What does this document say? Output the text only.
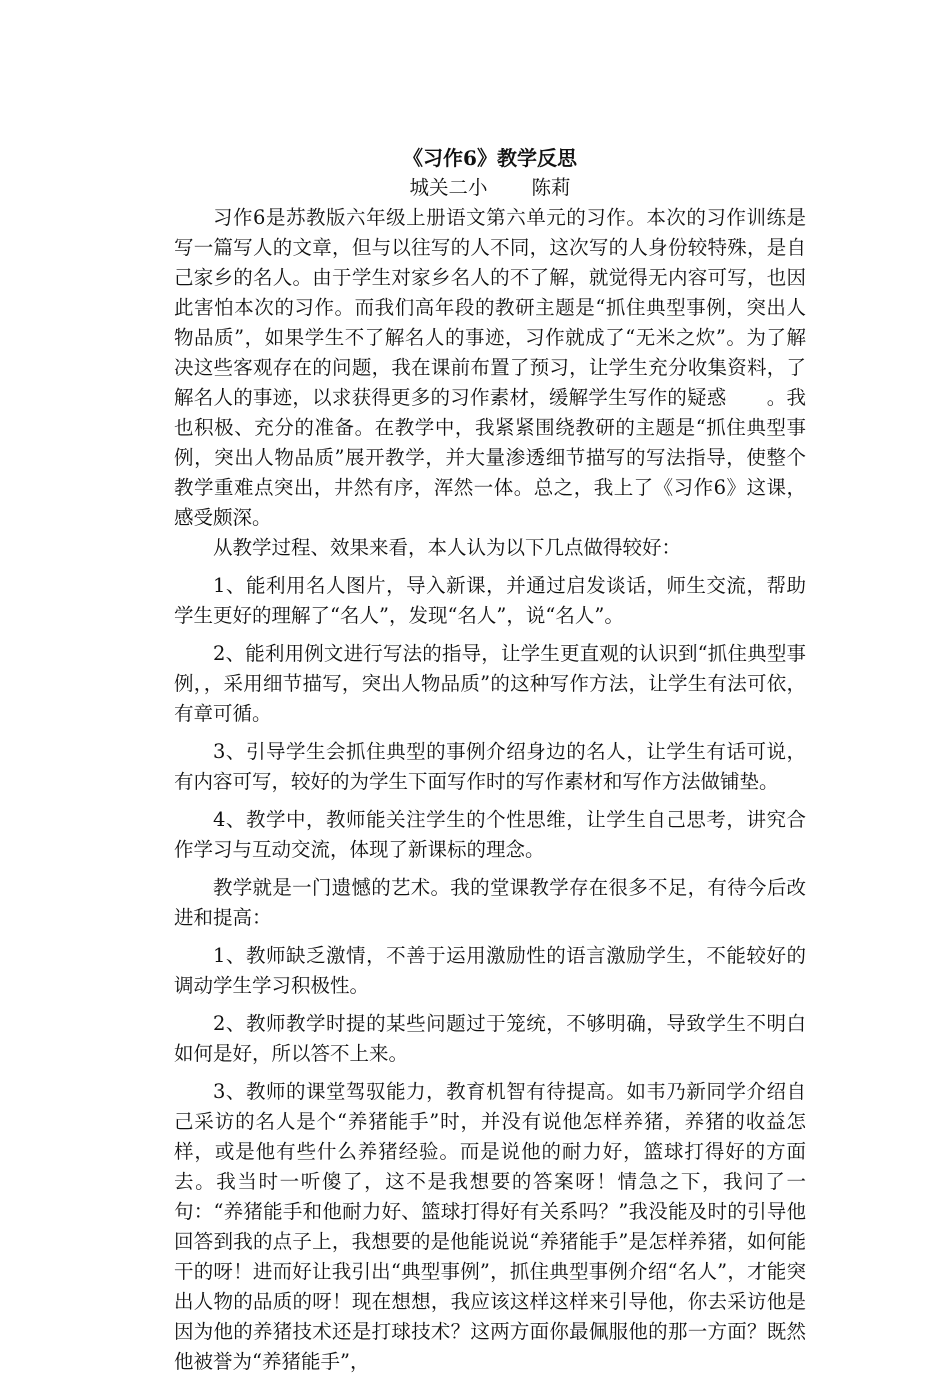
《习作6》教学反思
城关二小 陈莉

习作6是苏教版六年级上册语文第六单元的习作。本次的习作训练是写一篇写人的文章，但与以往写的人不同，这次写的人身份较特殊，是自己家乡的名人。由于学生对家乡名人的不了解，就觉得无内容可写，也因此害怕本次的习作。而我们高年段的教研主题是“抓住典型事例，突出人物品质”，如果学生不了解名人的事迹，习作就成了“无米之炊”。为了解决这些客观存在的问题，我在课前布置了预习，让学生充分收集资料，了解名人的事迹，以求获得更多的习作素材，缓解学生写作的疑惑 。我也积极、充分的准备。在教学中，我紧紧围绕教研的主题是“抓住典型事例，突出人物品质”展开教学，并大量渗透细节描写的写法指导，使整个教学重难点突出，井然有序，浑然一体。总之，我上了《习作6》这课，感受颇深。

从教学过程、效果来看，本人认为以下几点做得较好：

1、能利用名人图片，导入新课，并通过启发谈话，师生交流，帮助学生更好的理解了“名人”，发现“名人”，说“名人”。

2、能利用例文进行写法的指导，让学生更直观的认识到“抓住典型事例，，采用细节描写，突出人物品质”的这种写作方法，让学生有法可依，有章可循。

3、引导学生会抓住典型的事例介绍身边的名人，让学生有话可说，有内容可写，较好的为学生下面写作时的写作素材和写作方法做铺垫。

4、教学中，教师能关注学生的个性思维，让学生自己思考，讲究合作学习与互动交流，体现了新课标的理念。

教学就是一门遗憾的艺术。我的堂课教学存在很多不足，有待今后改进和提高：

1、教师缺乏激情，不善于运用激励性的语言激励学生，不能较好的调动学生学习积极性。

2、教师教学时提的某些问题过于笼统，不够明确，导致学生不明白如何是好，所以答不上来。

3、教师的课堂驾驭能力，教育机智有待提高。如韦乃新同学介绍自己采访的名人是个“养猪能手”时，并没有说他怎样养猪，养猪的收益怎样，或是他有些什么养猪经验。而是说他的耐力好，篮球打得好的方面去。我当时一听傻了，这不是我想要的答案呀！情急之下，我问了一句：“养猪能手和他耐力好、篮球打得好有关系吗？”我没能及时的引导他回答到我的点子上，我想要的是他能说说“养猪能手”是怎样养猪，如何能干的呀！进而好让我引出“典型事例”，抓住典型事例介绍“名人”，才能突出人物的品质的呀！现在想想，我应该这样这样来引导他，你去采访他是因为他的养猪技术还是打球技术？这两方面你最佩服他的那一方面？既然他被誉为“养猪能手”，
